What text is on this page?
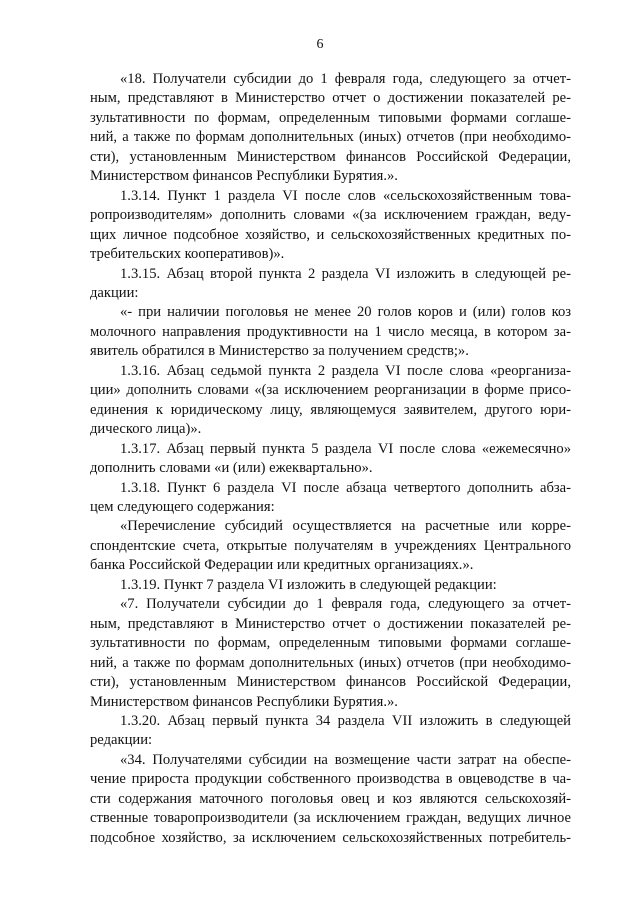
6
«18. Получатели субсидии до 1 февраля года, следующего за отчет-
ным, представляют в Министерство отчет о достижении показателей ре-
зультативности по формам, определенным типовыми формами соглаше-
ний, а также по формам дополнительных (иных) отчетов (при необходимо-
сти), установленным Министерством финансов Российской Федерации,
Министерством финансов Республики Бурятия.».
1.3.14. Пункт 1 раздела VI после слов «сельскохозяйственным това-
ропроизводителям» дополнить словами «(за исключением граждан, веду-
щих личное подсобное хозяйство, и сельскохозяйственных кредитных по-
требительских кооперативов)».
1.3.15. Абзац второй пункта 2 раздела VI изложить в следующей ре-
дакции:
«- при наличии поголовья не менее 20 голов коров и (или) голов коз
молочного направления продуктивности на 1 число месяца, в котором за-
явитель обратился в Министерство за получением средств;».
1.3.16. Абзац седьмой пункта 2 раздела VI после слова «реорганиза-
ции» дополнить словами «(за исключением реорганизации в форме присо-
единения к юридическому лицу, являющемуся заявителем, другого юри-
дического лица)».
1.3.17. Абзац первый пункта 5 раздела VI после слова «ежемесячно»
дополнить словами «и (или) ежеквартально».
1.3.18. Пункт 6 раздела VI после абзаца четвертого дополнить абза-
цем следующего содержания:
«Перечисление субсидий осуществляется на расчетные или корре-
спондентские счета, открытые получателям в учреждениях Центрального
банка Российской Федерации или кредитных организациях.».
1.3.19. Пункт 7 раздела VI изложить в следующей редакции:
«7. Получатели субсидии до 1 февраля года, следующего за отчет-
ным, представляют в Министерство отчет о достижении показателей ре-
зультативности по формам, определенным типовыми формами соглаше-
ний, а также по формам дополнительных (иных) отчетов (при необходимо-
сти), установленным Министерством финансов Российской Федерации,
Министерством финансов Республики Бурятия.».
1.3.20. Абзац первый пункта 34 раздела VII изложить в следующей
редакции:
«34. Получателями субсидии на возмещение части затрат на обеспе-
чение прироста продукции собственного производства в овцеводстве в ча-
сти содержания маточного поголовья овец и коз являются сельскохозяй-
ственные товаропроизводители (за исключением граждан, ведущих личное
подсобное хозяйство, за исключением сельскохозяйственных потребитель-
